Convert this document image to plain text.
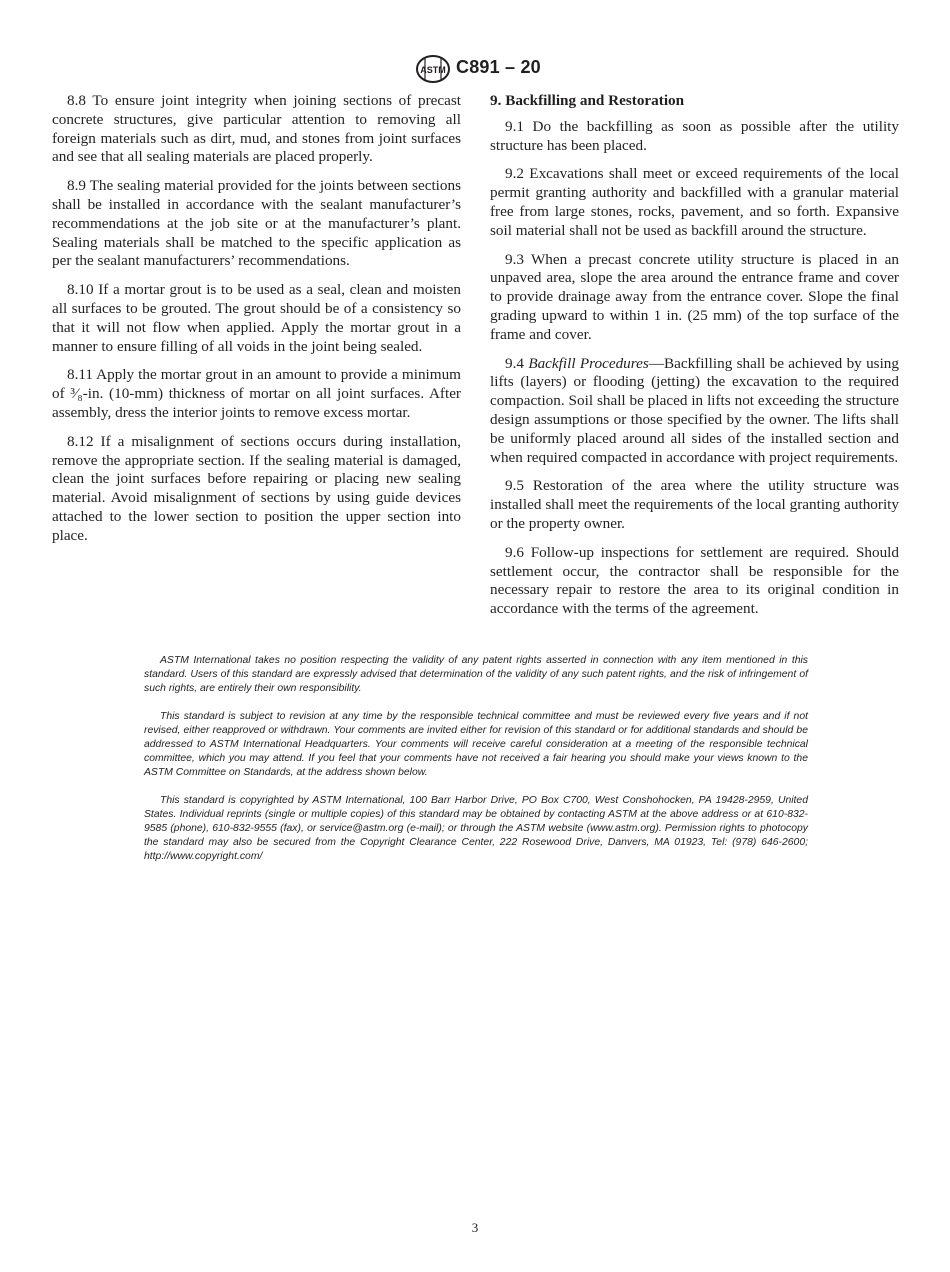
ASTM C891 – 20

8.8 To ensure joint integrity when joining sections of precast concrete structures, give particular attention to removing all foreign materials such as dirt, mud, and stones from joint surfaces and see that all sealing materials are placed properly.

8.9 The sealing material provided for the joints between sections shall be installed in accordance with the sealant manufacturer’s recommendations at the job site or at the manufacturer’s plant. Sealing materials shall be matched to the specific application as per the sealant manufacturers’ recommendations.

8.10 If a mortar grout is to be used as a seal, clean and moisten all surfaces to be grouted. The grout should be of a consistency so that it will not flow when applied. Apply the mortar grout in a manner to ensure filling of all voids in the joint being sealed.

8.11 Apply the mortar grout in an amount to provide a minimum of ³⁄₈-in. (10-mm) thickness of mortar on all joint surfaces. After assembly, dress the interior joints to remove excess mortar.

8.12 If a misalignment of sections occurs during installation, remove the appropriate section. If the sealing material is damaged, clean the joint surfaces before repairing or placing new sealing material. Avoid misalignment of sections by using guide devices attached to the lower section to position the upper section into place.

9. Backfilling and Restoration

9.1 Do the backfilling as soon as possible after the utility structure has been placed.

9.2 Excavations shall meet or exceed requirements of the local permit granting authority and backfilled with a granular material free from large stones, rocks, pavement, and so forth. Expansive soil material shall not be used as backfill around the structure.

9.3 When a precast concrete utility structure is placed in an unpaved area, slope the area around the entrance frame and cover to provide drainage away from the entrance cover. Slope the final grading upward to within 1 in. (25 mm) of the top surface of the frame and cover.

9.4 Backfill Procedures—Backfilling shall be achieved by using lifts (layers) or flooding (jetting) the excavation to the required compaction. Soil shall be placed in lifts not exceeding the structure design assumptions or those specified by the owner. The lifts shall be uniformly placed around all sides of the installed section and when required compacted in accordance with project requirements.

9.5 Restoration of the area where the utility structure was installed shall meet the requirements of the local granting authority or the property owner.

9.6 Follow-up inspections for settlement are required. Should settlement occur, the contractor shall be responsible for the necessary repair to restore the area to its original condition in accordance with the terms of the agreement.

ASTM International takes no position respecting the validity of any patent rights asserted in connection with any item mentioned in this standard. Users of this standard are expressly advised that determination of the validity of any such patent rights, and the risk of infringement of such rights, are entirely their own responsibility.

This standard is subject to revision at any time by the responsible technical committee and must be reviewed every five years and if not revised, either reapproved or withdrawn. Your comments are invited either for revision of this standard or for additional standards and should be addressed to ASTM International Headquarters. Your comments will receive careful consideration at a meeting of the responsible technical committee, which you may attend. If you feel that your comments have not received a fair hearing you should make your views known to the ASTM Committee on Standards, at the address shown below.

This standard is copyrighted by ASTM International, 100 Barr Harbor Drive, PO Box C700, West Conshohocken, PA 19428-2959, United States. Individual reprints (single or multiple copies) of this standard may be obtained by contacting ASTM at the above address or at 610-832-9585 (phone), 610-832-9555 (fax), or service@astm.org (e-mail); or through the ASTM website (www.astm.org). Permission rights to photocopy the standard may also be secured from the Copyright Clearance Center, 222 Rosewood Drive, Danvers, MA 01923, Tel: (978) 646-2600; http://www.copyright.com/

3
